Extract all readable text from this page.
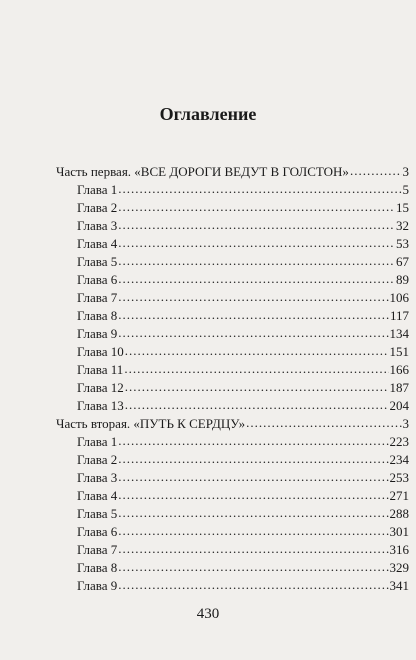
Оглавление
Часть первая. «ВСЕ ДОРОГИ ВЕДУТ В ГОЛСТОН» .....	3
Глава 1 .....	5
Глава 2 .....	15
Глава 3 .....	32
Глава 4 .....	53
Глава 5 .....	67
Глава 6 .....	89
Глава 7 .....	106
Глава 8 .....	117
Глава 9 .....	134
Глава 10 .....	151
Глава 11 .....	166
Глава 12 .....	187
Глава 13 .....	204
Часть вторая. «ПУТЬ К СЕРДЦУ» .....	3
Глава 1 .....	223
Глава 2 .....	234
Глава 3 .....	253
Глава 4 .....	271
Глава 5 .....	288
Глава 6 .....	301
Глава 7 .....	316
Глава 8 .....	329
Глава 9 .....	341
430
